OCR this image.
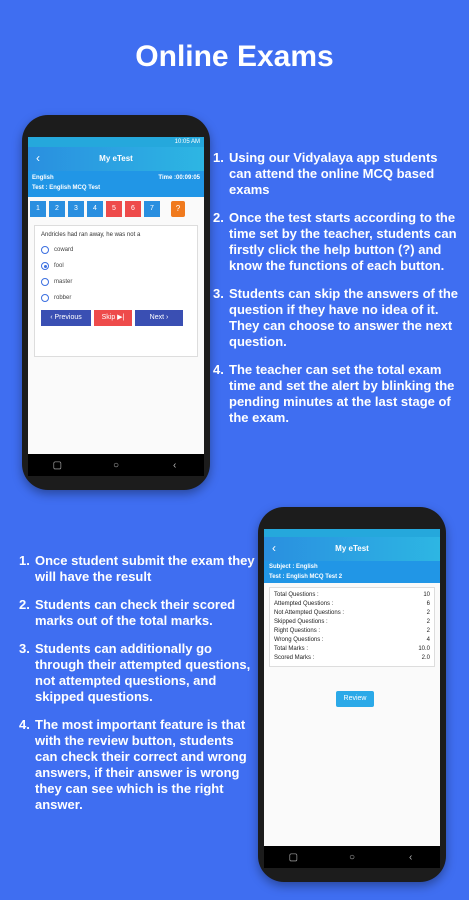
Online Exams
10:05 AM
‹	My eTest
English	Time :00:09:05
Test : English MCQ Test
1	2	3	4	5	6	7	?
Andricles had ran away, he was not a
coward
fool
master
robber
‹ Previous	Skip ▶|	Next ›
▢	○	‹
1. Using our Vidyalaya app students can attend the online MCQ based exams
2. Once the test starts according to the time set by the teacher, students can firstly click the help button (?) and know the functions of each button.
3. Students can skip the answers of the question if they have no idea of it. They can choose to answer the next question.
4. The teacher can set the total exam time and set the alert by blinking the pending minutes at the last stage of the exam.
1. Once student submit the exam they will have the result
2. Students can check their scored marks out of the total marks.
3. Students can additionally go through their attempted questions, not attempted questions, and skipped questions.
4. The most important feature is that with the review button, students can check their correct and wrong answers, if their answer is wrong they can see which is the right answer.
‹	My eTest
Subject : English
Test : English MCQ Test 2
Total Questions :	10
Attempted Questions :	6
Not Attempted Questions :	2
Skipped Questions :	2
Right Questions :	2
Wrong Questions :	4
Total Marks :	10.0
Scored Marks :	2.0
Review
▢	○	‹
